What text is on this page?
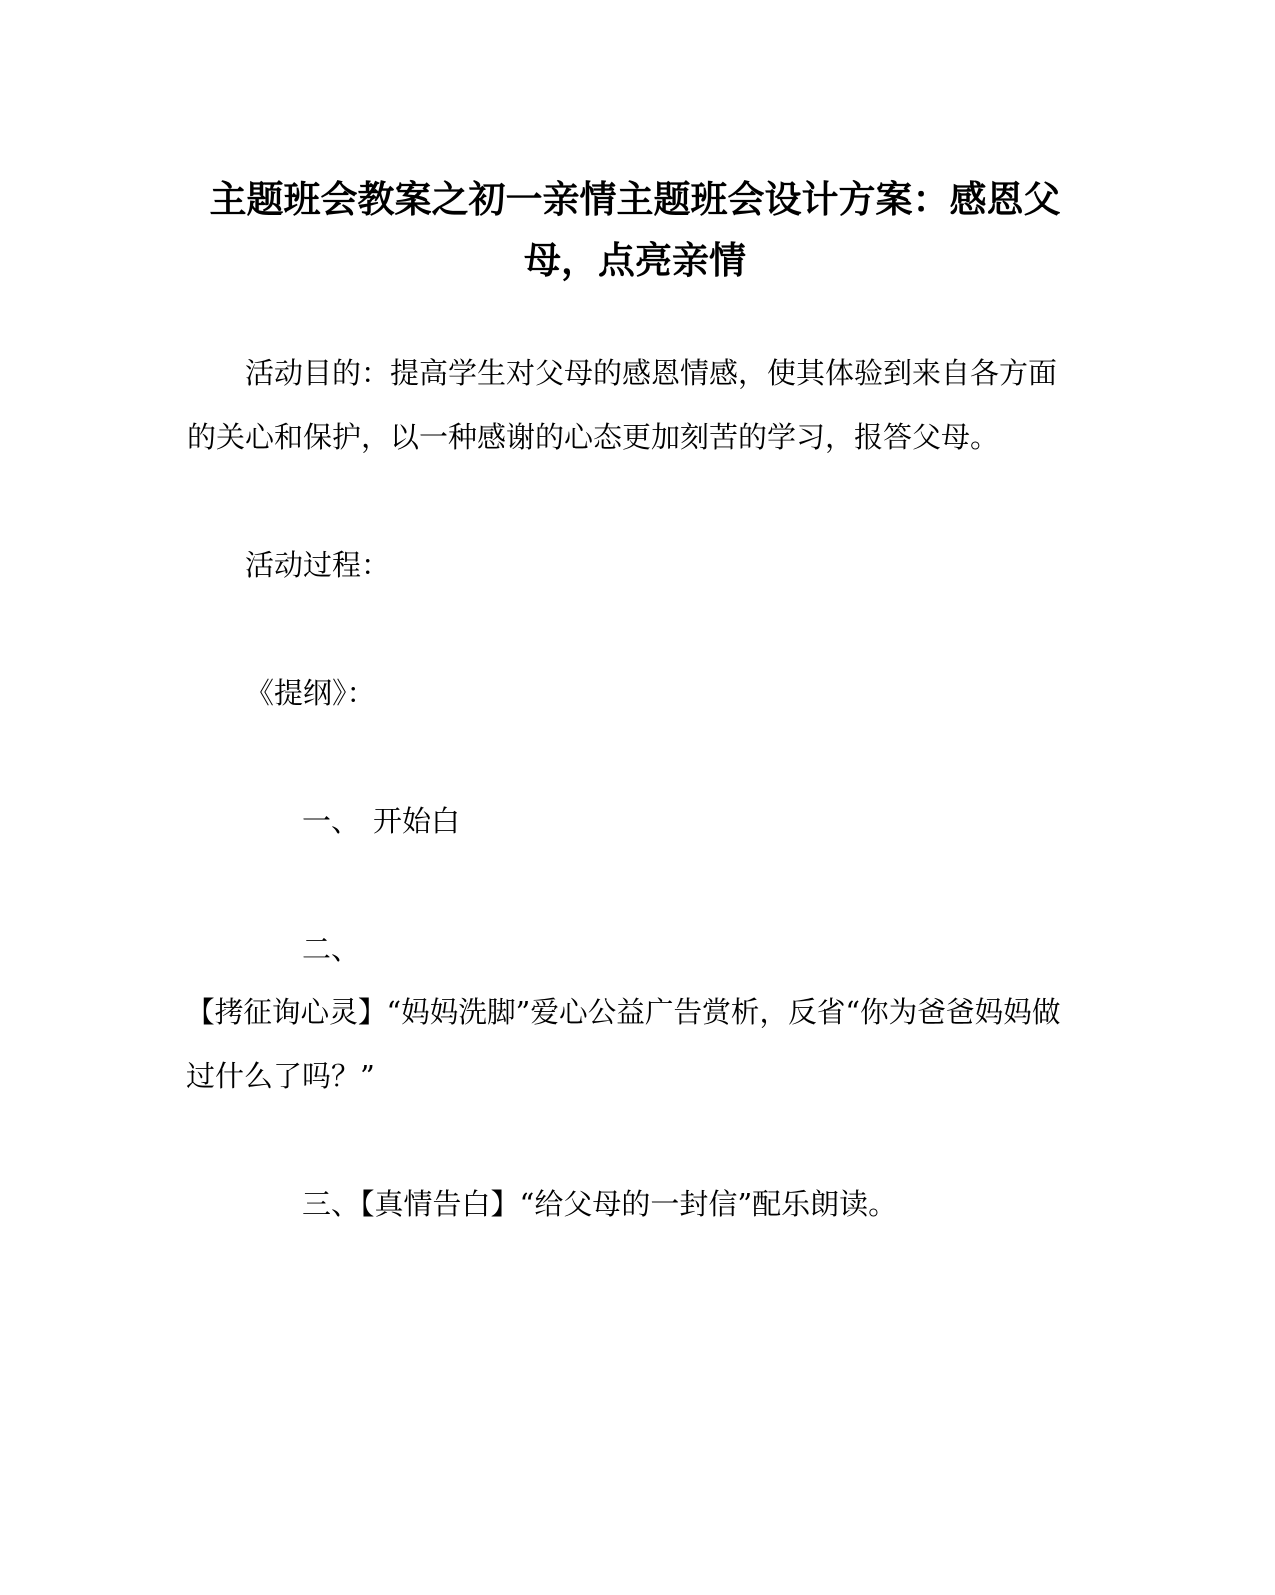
主题班会教案之初一亲情主题班会设计方案：感恩父
母，点亮亲情
活动目的：提高学生对父母的感恩情感，使其体验到来自各方面
的关心和保护，以一种感谢的心态更加刻苦的学习，报答父母。
活动过程：
《提纲》：
一、 开始白
二、
【拷征询心灵】“妈妈洗脚”爱心公益广告赏析，反省“你为爸爸妈妈做
过什么了吗？”
三、【真情告白】“给父母的一封信”配乐朗读。
